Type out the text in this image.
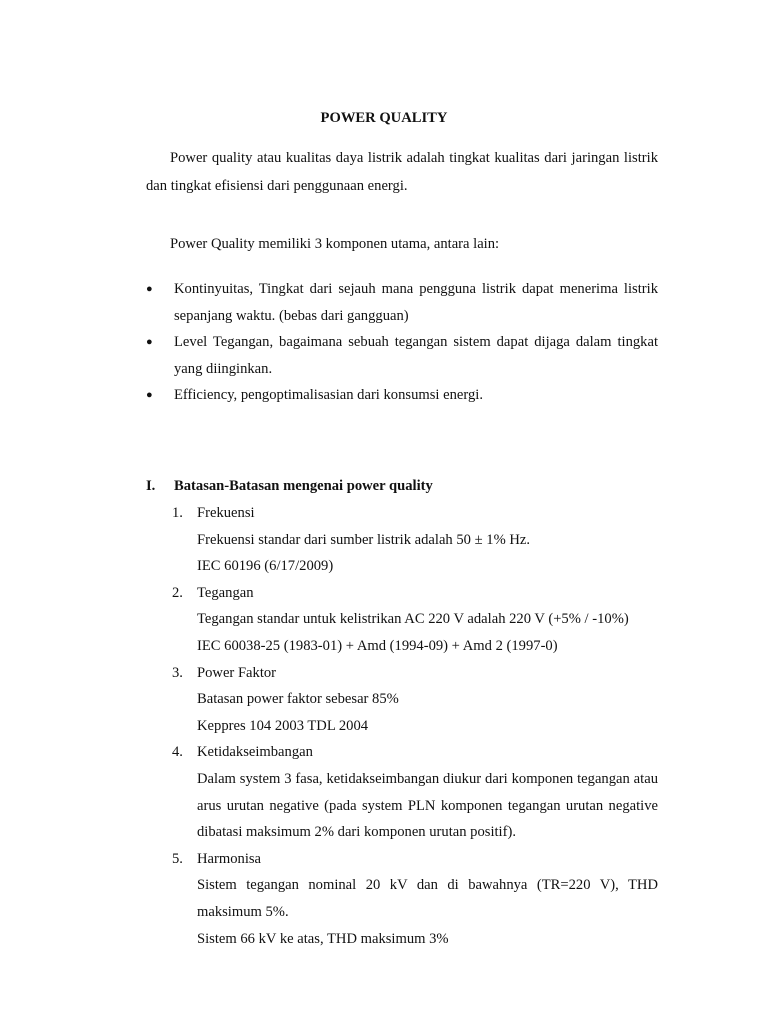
POWER QUALITY
Power quality atau kualitas daya listrik adalah tingkat kualitas dari jaringan listrik dan tingkat efisiensi dari penggunaan energi.
Power Quality memiliki 3 komponen utama, antara lain:
● Kontinyuitas, Tingkat dari sejauh mana pengguna listrik dapat menerima listrik sepanjang waktu. (bebas dari gangguan)
● Level Tegangan, bagaimana sebuah tegangan sistem dapat dijaga dalam tingkat yang diinginkan.
● Efficiency, pengoptimalisasian dari konsumsi energi.
I. Batasan-Batasan mengenai power quality
1. Frekuensi
Frekuensi standar dari sumber listrik adalah 50 ± 1% Hz.
IEC 60196 (6/17/2009)
2. Tegangan
Tegangan standar untuk kelistrikan AC 220 V adalah 220 V (+5% / -10%)
IEC 60038-25 (1983-01) + Amd (1994-09) + Amd 2 (1997-0)
3. Power Faktor
Batasan power faktor sebesar 85%
Keppres 104 2003 TDL 2004
4. Ketidakseimbangan
Dalam system 3 fasa, ketidakseimbangan diukur dari komponen tegangan atau arus urutan negative (pada system PLN komponen tegangan urutan negative dibatasi maksimum 2% dari komponen urutan positif).
5. Harmonisa
Sistem tegangan nominal 20 kV dan di bawahnya (TR=220 V), THD maksimum 5%.
Sistem 66 kV ke atas, THD maksimum 3%
